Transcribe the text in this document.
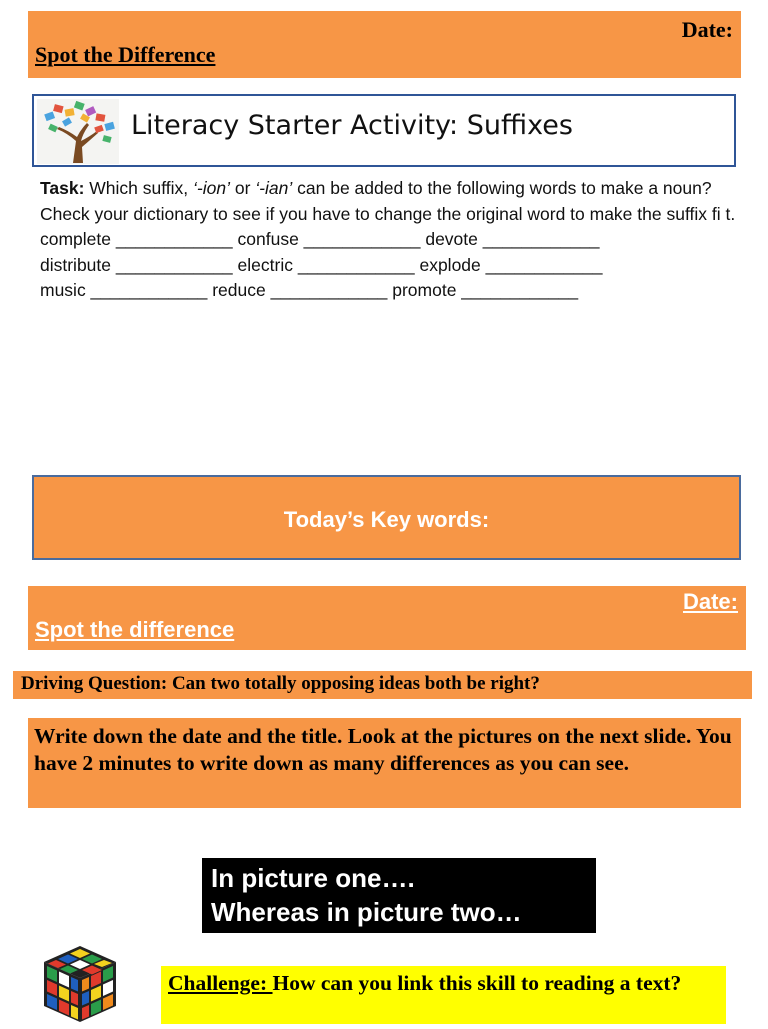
Date:
Spot the Difference
Literacy Starter Activity: Suffixes

Task: Which suffix, ‘-ion’ or ‘-ian’ can be added to the following words to make a noun?

Check your dictionary to see if you have to change the original word to make the suffix fi t.

complete ____________ confuse ____________ devote ____________

distribute ____________ electric ____________ explode ____________

music ____________ reduce ____________ promote ____________

Today’s Key words:
Date:
Spot the difference
Driving Question: Can two totally opposing ideas both be right?
Write down the date and the title. Look at the pictures on the next slide. You have 2 minutes to write down as many differences as you can see.
In picture one….
Whereas in picture two…
Challenge: How can you link this skill to reading a text?
